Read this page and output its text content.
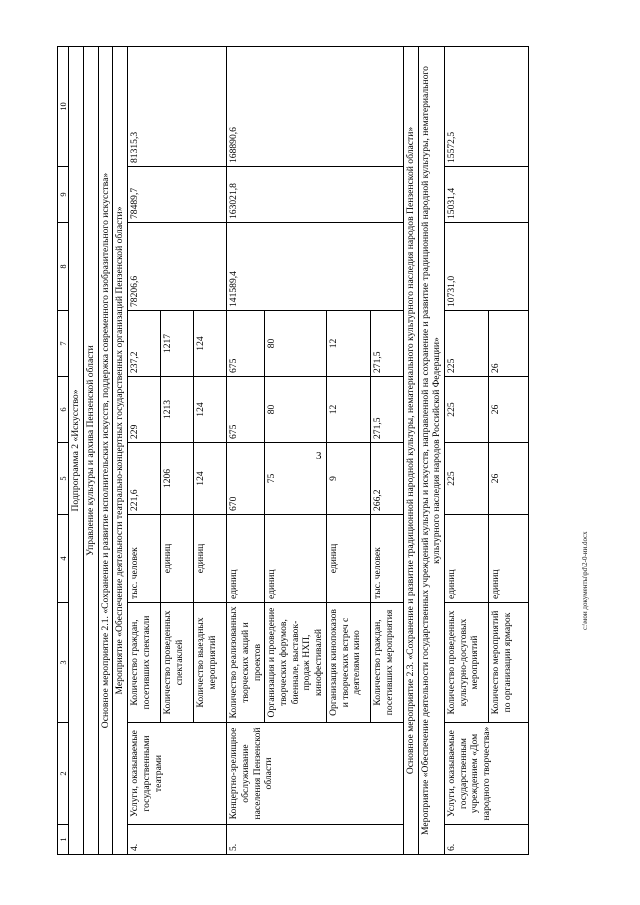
3
c:\мои документы\pd\2-0-ии.docx
1	2	3	4	5	6	7	8	9	10
Подпрограмма 2 «Искусство»									
Управление культуры и архива Пензенской области									
Основное мероприятие 2.1. «Сохранение и развитие исполнительских искусств, поддержка современного изобразительного искусства»									
Мероприятие «Обеспечение деятельности театрально-концертных государственных организаций Пензенской области»									
4.	Услуги, оказываемые государственными театрами	Количество граждан, посетивших спектакли	тыс. человек	221,6	229	237,2	78206,6	78489,7	81315,3
		Количество проведенных спектаклей	единиц	1206	1213	1217			
		Количество выездных мероприятий	единиц	124	124	124			
5.	Концертно-зрелищное обслуживание населения Пензенской области	Количество реализованных творческих акций и проектов	единиц	670	675	675	141589,4	163021,8	168890,6
		Организация и проведение творческих форумов, биеннале, выставок-продаж НХП, кинофестивалей	единиц	75	80	80			
		Организация кинопоказов и творческих встреч с деятелями кино	единиц	9	12	12			
		Количество граждан, посетивших мероприятия	тыс. человек	266,2	271,5	271,5			
Основное мероприятие 2.3. «Сохранение и развитие традиционной народной культуры, нематериального культурного наследия народов Пензенской области»									
Мероприятие «Обеспечение деятельности государственных учреждений культуры и искусств, направленной на сохранение и развитие традиционной народной культуры, нематериального культурного наследия народов Российской Федерации»									
6.	Услуги, оказываемые государственным учреждением «Дом народного творчества»	Количество проведенных культурно-досуговых мероприятий	единиц	225	225	225	10731,0	15031,4	15572,5
		Количество мероприятий по организации ярмарок	единиц	26	26	26			
